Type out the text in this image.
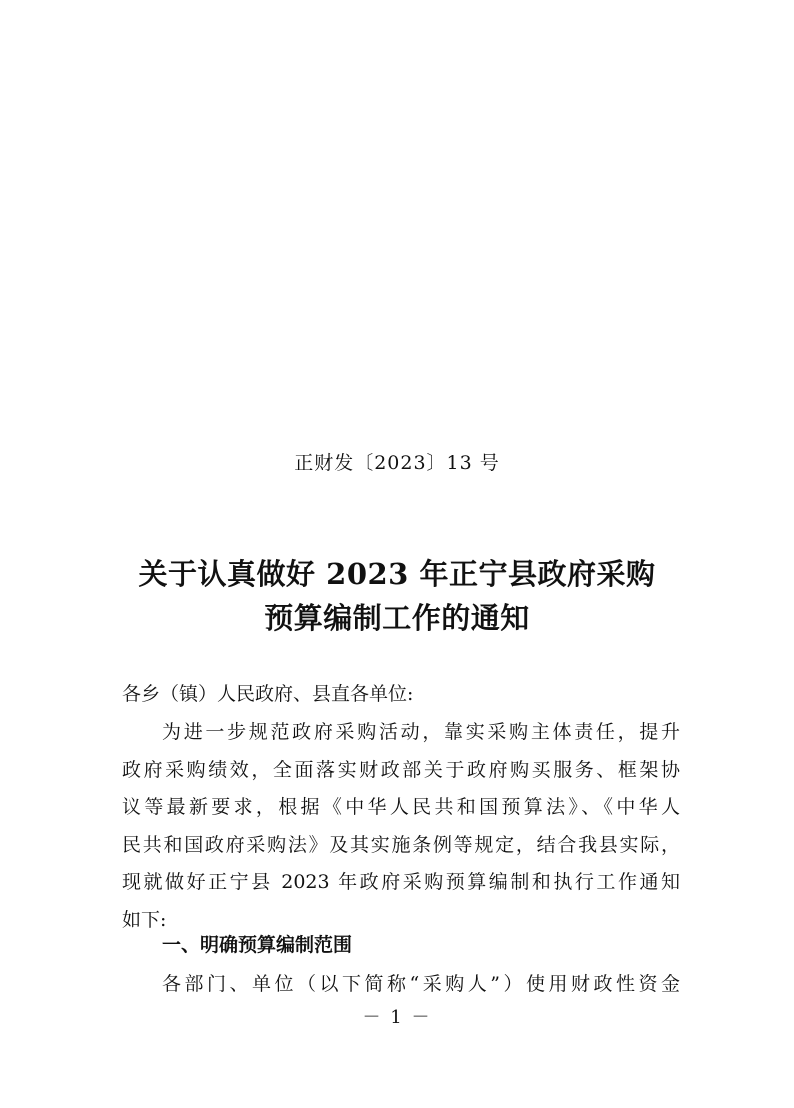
正财发〔2023〕13 号
关于认真做好 2023 年正宁县政府采购
预算编制工作的通知
各乡（镇）人民政府、县直各单位:
为进一步规范政府采购活动，靠实采购主体责任，提升
政府采购绩效，全面落实财政部关于政府购买服务、框架协
议等最新要求，根据《中华人民共和国预算法》、《中华人
民共和国政府采购法》及其实施条例等规定，结合我县实际，
现就做好正宁县 2023 年政府采购预算编制和执行工作通知
如下:
一、明确预算编制范围
各部门、单位（以下简称“采购人”）使用财政性资金
－ 1 －
